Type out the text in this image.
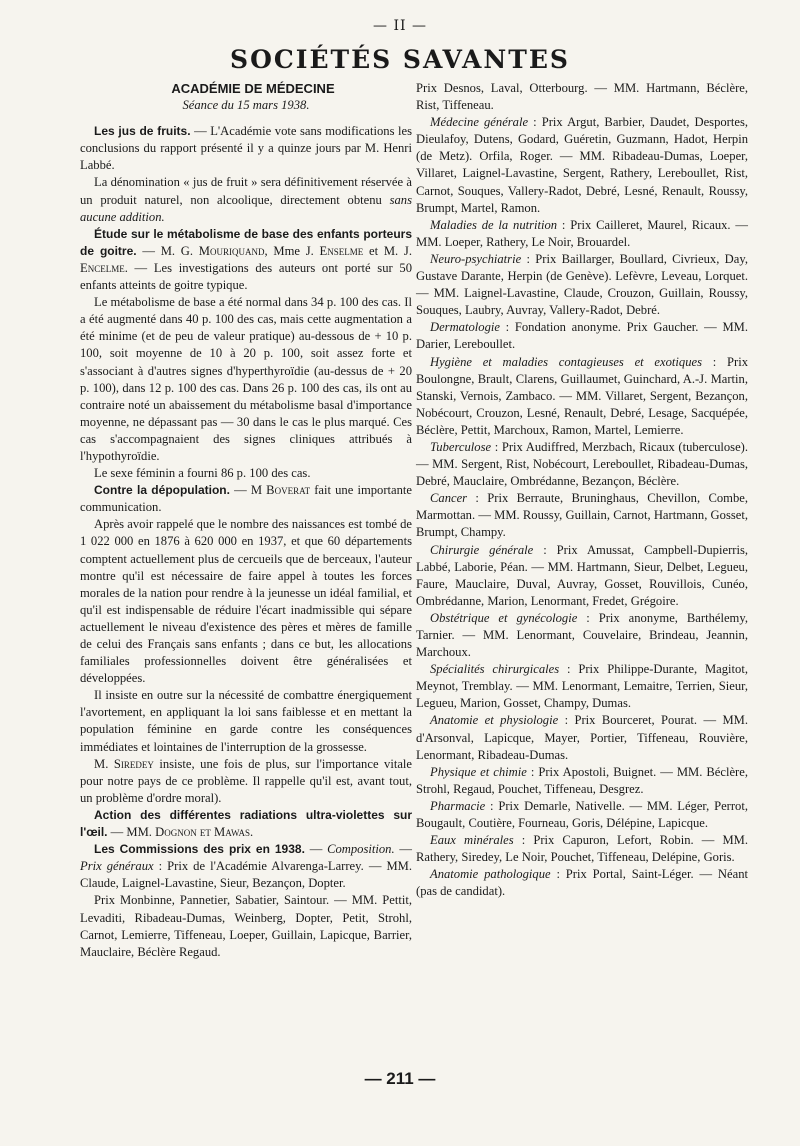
— II —
SOCIÉTÉS SAVANTES

ACADÉMIE DE MÉDECINE

Séance du 15 mars 1938.

Les jus de fruits. — L'Académie vote sans modifications les conclusions du rapport présenté il y a quinze jours par M. Henri Labbé.

La dénomination « jus de fruit » sera définitivement réservée à un produit naturel, non alcoolique, directement obtenu sans aucune addition.

Étude sur le métabolisme de base des enfants porteurs de goitre. — M. G. Mouriquand, Mme J. Enselme et M. J. Encelme. — Les investigations des auteurs ont porté sur 50 enfants atteints de goitre typique.

Le métabolisme de base a été normal dans 34 p. 100 des cas. Il a été augmenté dans 40 p. 100 des cas, mais cette augmentation a été minime (et de peu de valeur pratique) au-dessous de + 10 p. 100, soit moyenne de 10 à 20 p. 100, soit assez forte et s'associant à d'autres signes d'hyperthyroïdie (au-dessus de + 20 p. 100), dans 12 p. 100 des cas. Dans 26 p. 100 des cas, ils ont au contraire noté un abaissement du métabolisme basal d'importance moyenne, ne dépassant pas — 30 dans le cas le plus marqué. Ces cas s'accompagnaient des signes cliniques attribués à l'hypothyroïdie.

Le sexe féminin a fourni 86 p. 100 des cas.

Contre la dépopulation. — M Boverat fait une importante communication.

Après avoir rappelé que le nombre des naissances est tombé de 1 022 000 en 1876 à 620 000 en 1937, et que 60 départements comptent actuellement plus de cercueils que de berceaux, l'auteur montre qu'il est nécessaire de faire appel à toutes les forces morales de la nation pour rendre à la jeunesse un idéal familial, et qu'il est indispensable de réduire l'écart inadmissible qui sépare actuellement le niveau d'existence des pères et mères de famille de celui des Français sans enfants ; dans ce but, les allocations familiales professionnelles doivent être généralisées et développées.

Il insiste en outre sur la nécessité de combattre énergiquement l'avortement, en appliquant la loi sans faiblesse et en mettant la population féminine en garde contre les conséquences immédiates et lointaines de l'interruption de la grossesse.

M. Siredey insiste, une fois de plus, sur l'importance vitale pour notre pays de ce problème. Il rappelle qu'il est, avant tout, un problème d'ordre moral).

Action des différentes radiations ultra-violettes sur l'œil. — MM. Dognon et Mawas.

Les Commissions des prix en 1938. — Composition. — Prix généraux : Prix de l'Académie Alvarenga-Larrey. — MM. Claude, Laignel-Lavastine, Sieur, Bezançon, Dopter.

Prix Monbinne, Pannetier, Sabatier, Saintour. — MM. Pettit, Levaditi, Ribadeau-Dumas, Weinberg, Dopter, Petit, Strohl, Carnot, Lemierre, Tiffeneau, Loeper, Guillain, Lapicque, Barrier, Mauclaire, Béclère Regaud.

Prix Desnos, Laval, Otterbourg. — MM. Hartmann, Béclère, Rist, Tiffeneau.

Médecine générale : Prix Argut, Barbier, Daudet, Desportes, Dieulafoy, Dutens, Godard, Guéretin, Guzmann, Hadot, Herpin (de Metz). Orfila, Roger. — MM. Ribadeau-Dumas, Loeper, Villaret, Laignel-Lavastine, Sergent, Rathery, Lereboullet, Rist, Carnot, Souques, Vallery-Radot, Debré, Lesné, Renault, Roussy, Brumpt, Martel, Ramon.

Maladies de la nutrition : Prix Cailleret, Maurel, Ricaux. — MM. Loeper, Rathery, Le Noir, Brouardel.

Neuro-psychiatrie : Prix Baillarger, Boullard, Civrieux, Day, Gustave Darante, Herpin (de Genève). Lefèvre, Leveau, Lorquet. — MM. Laignel-Lavastine, Claude, Crouzon, Guillain, Roussy, Souques, Laubry, Auvray, Vallery-Radot, Debré.

Dermatologie : Fondation anonyme. Prix Gaucher. — MM. Darier, Lereboullet.

Hygiène et maladies contagieuses et exotiques : Prix Boulongne, Brault, Clarens, Guillaumet, Guinchard, A.-J. Martin, Stanski, Vernois, Zambaco. — MM. Villaret, Sergent, Bezançon, Nobécourt, Crouzon, Lesné, Renault, Debré, Lesage, Sacquépée, Béclère, Pettit, Marchoux, Ramon, Martel, Lemierre.

Tuberculose : Prix Audiffred, Merzbach, Ricaux (tuberculose). — MM. Sergent, Rist, Nobécourt, Lereboullet, Ribadeau-Dumas, Debré, Mauclaire, Ombrédanne, Bezançon, Béclère.

Cancer : Prix Berraute, Bruninghaus, Chevillon, Combe, Marmottan. — MM. Roussy, Guillain, Carnot, Hartmann, Gosset, Brumpt, Champy.

Chirurgie générale : Prix Amussat, Campbell-Dupierris, Labbé, Laborie, Péan. — MM. Hartmann, Sieur, Delbet, Legueu, Faure, Mauclaire, Duval, Auvray, Gosset, Rouvillois, Cunéo, Ombrédanne, Marion, Lenormant, Fredet, Grégoire.

Obstétrique et gynécologie : Prix anonyme, Barthélemy, Tarnier. — MM. Lenormant, Couvelaire, Brindeau, Jeannin, Marchoux.

Spécialités chirurgicales : Prix Philippe-Durante, Magitot, Meynot, Tremblay. — MM. Lenormant, Lemaitre, Terrien, Sieur, Legueu, Marion, Gosset, Champy, Dumas.

Anatomie et physiologie : Prix Bourceret, Pourat. — MM. d'Arsonval, Lapicque, Mayer, Portier, Tiffeneau, Rouvière, Lenormant, Ribadeau-Dumas.

Physique et chimie : Prix Apostoli, Buignet. — MM. Béclère, Strohl, Regaud, Pouchet, Tiffeneau, Desgrez.

Pharmacie : Prix Demarle, Nativelle. — MM. Léger, Perrot, Bougault, Coutière, Fourneau, Goris, Délépine, Lapicque.

Eaux minérales : Prix Capuron, Lefort, Robin. — MM. Rathery, Siredey, Le Noir, Pouchet, Tiffeneau, Delépine, Goris.

Anatomie pathologique : Prix Portal, Saint-Léger. — Néant (pas de candidat).

— 211 —
